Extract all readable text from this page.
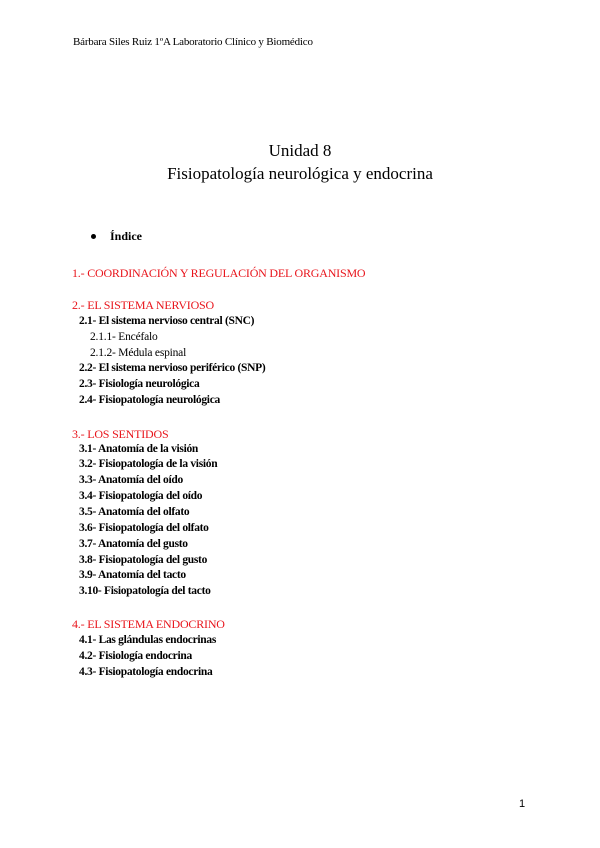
Bárbara Siles Ruiz 1ºA Laboratorio Clínico y Biomédico
Unidad 8
Fisiopatología neurológica y endocrina
Índice
1.- COORDINACIÓN Y REGULACIÓN DEL ORGANISMO
2.- EL SISTEMA NERVIOSO
2.1- El sistema nervioso central (SNC)
2.1.1- Encéfalo
2.1.2- Médula espinal
2.2- El sistema nervioso periférico (SNP)
2.3- Fisiología neurológica
2.4- Fisiopatología neurológica
3.- LOS SENTIDOS
3.1- Anatomía de la visión
3.2- Fisiopatología de la visión
3.3- Anatomía del oído
3.4- Fisiopatología del oído
3.5- Anatomía del olfato
3.6- Fisiopatología del olfato
3.7- Anatomía del gusto
3.8- Fisiopatología del gusto
3.9- Anatomía del tacto
3.10- Fisiopatología del tacto
4.- EL SISTEMA ENDOCRINO
4.1- Las glándulas endocrinas
4.2- Fisiología endocrina
4.3- Fisiopatología endocrina
1
